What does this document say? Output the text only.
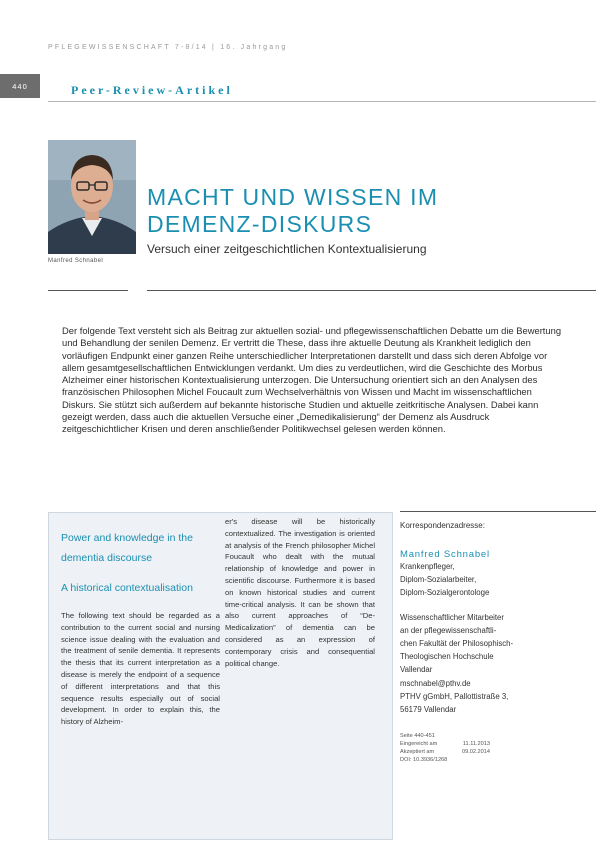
PFLEGEWISSENSCHAFT 7-8/14 | 16. Jahrgang
440	Peer-Review-Artikel
Manfred Schnabel
MACHT UND WISSEN IM
DEMENZ-DISKURS
Versuch einer zeitgeschichtlichen Kontextualisierung

Der folgende Text versteht sich als Beitrag zur aktuellen sozial- und pflegewissenschaftlichen Debatte um die Bewertung und Behandlung der senilen Demenz. Er vertritt die These, dass ihre aktuelle Deutung als Krankheit lediglich den vorläufigen Endpunkt einer ganzen Reihe unterschiedlicher Interpretationen darstellt und dass sich deren Abfolge vor allem gesamtgesellschaftlichen Entwicklungen verdankt. Um dies zu verdeutlichen, wird die Geschichte des Morbus Alzheimer einer historischen Kontextualisierung unterzogen. Die Untersuchung orientiert sich an den Analysen des französischen Philosophen Michel Foucault zum Wechselverhältnis von Wissen und Macht im wissenschaftlichen Diskurs. Sie stützt sich außerdem auf bekannte historische Studien und aktuelle zeitkritische Analysen. Dabei kann gezeigt werden, dass auch die aktuellen Versuche einer „Demedikalisierung“ der Demenz als Ausdruck zeitgeschichtlicher Krisen und deren anschließender Politikwechsel gelesen werden können.

Power and knowledge in the dementia discourse
A historical contextualisation

The following text should be regarded as a contribution to the current social and nursing science issue dealing with the evaluation and the treatment of senile dementia. It represents the thesis that its current interpretation as a disease is merely the endpoint of a sequence of different interpretations and that this sequence results especially out of social development. In order to explain this, the history of Alzheim-

er's disease will be historically contextualized. The investigation is oriented at analysis of the French philosopher Michel Foucault who dealt with the mutual relationship of knowledge and power in scientific discourse. Furthermore it is based on known historical studies and current time-critical analysis. It can be shown that also current approaches of “De-Medicalization” of dementia can be considered as an expression of contemporary crisis and consequential political change.

Korrespondenzadresse:
Manfred Schnabel
Krankenpfleger,
Diplom-Sozialarbeiter,
Diplom-Sozialgerontologe
Wissenschaftlicher Mitarbeiter
an der pflegewissenschaftli-
chen Fakultät der Philosophisch-
Theologischen Hochschule
Vallendar
mschnabel@pthv.de
PTHV gGmbH, Pallottistraße 3,
56179 Vallendar
Seite 440-451
Eingereicht am	11.11.2013
Akzeptiert am	09.02.2014
DOI: 10.3936/1268
